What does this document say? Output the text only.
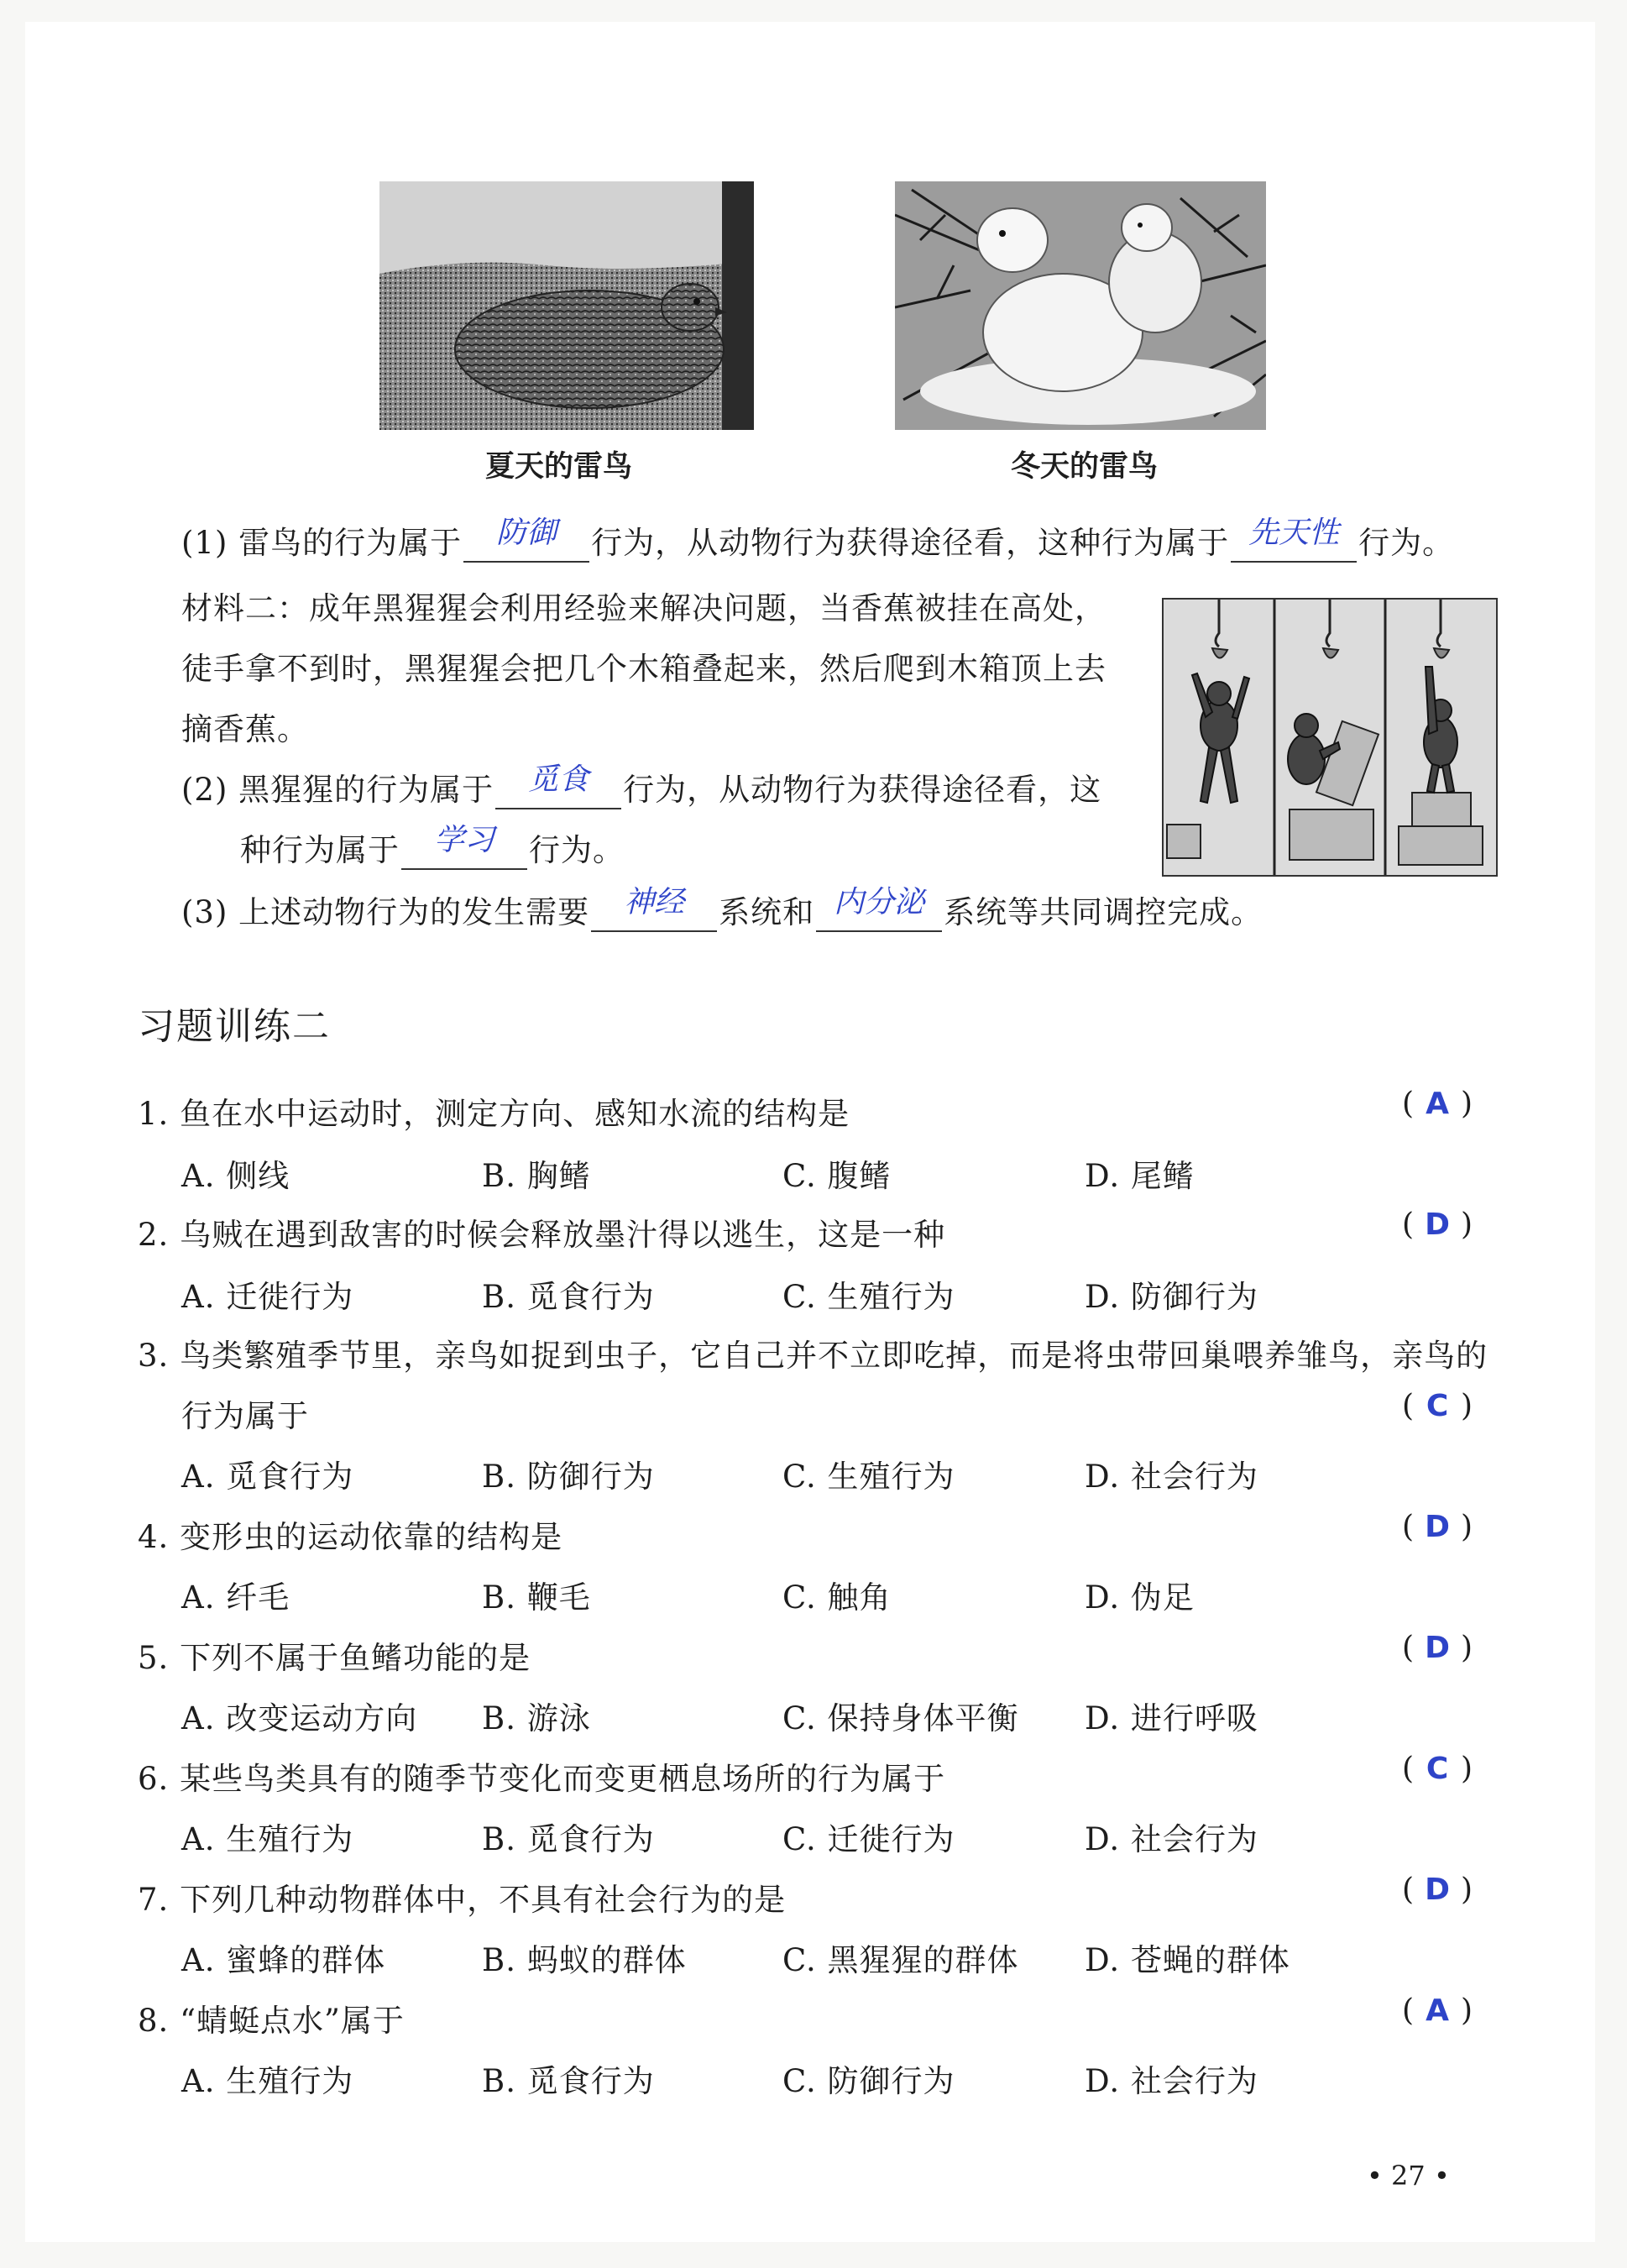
夏天的雷鸟	冬天的雷鸟
(1) 雷鸟的行为属于	防御	行为，从动物行为获得途径看，这种行为属于 先天性 行为。
材料二：成年黑猩猩会利用经验来解决问题，当香蕉被挂在高处，
徒手拿不到时，黑猩猩会把几个木箱叠起来，然后爬到木箱顶上去
摘香蕉。
(2) 黑猩猩的行为属于	觅食	行为，从动物行为获得途径看，这
种行为属于	学习	行为。
(3) 上述动物行为的发生需要	神经	系统和 内分泌 系统等共同调控完成。
习题训练二
1. 鱼在水中运动时，测定方向、感知水流的结构是	( A )
A. 侧线	B. 胸鳍	C. 腹鳍	D. 尾鳍
2. 乌贼在遇到敌害的时候会释放墨汁得以逃生，这是一种	( D )
A. 迁徙行为	B. 觅食行为	C. 生殖行为	D. 防御行为
3. 鸟类繁殖季节里，亲鸟如捉到虫子，它自己并不立即吃掉，而是将虫带回巢喂养雏鸟，亲鸟的
行为属于	( C )
A. 觅食行为	B. 防御行为	C. 生殖行为	D. 社会行为
4. 变形虫的运动依靠的结构是	( D )
A. 纤毛	B. 鞭毛	C. 触角	D. 伪足
5. 下列不属于鱼鳍功能的是	( D )
A. 改变运动方向 B. 游泳	C. 保持身体平衡 D. 进行呼吸
6. 某些鸟类具有的随季节变化而变更栖息场所的行为属于	( C )
A. 生殖行为	B. 觅食行为	C. 迁徙行为	D. 社会行为
7. 下列几种动物群体中，不具有社会行为的是	( D )
A. 蜜蜂的群体	B. 蚂蚁的群体	C. 黑猩猩的群体 D. 苍蝇的群体
8. “蜻蜓点水”属于	( A )
A. 生殖行为	B. 觅食行为	C. 防御行为	D. 社会行为
• 27 •
